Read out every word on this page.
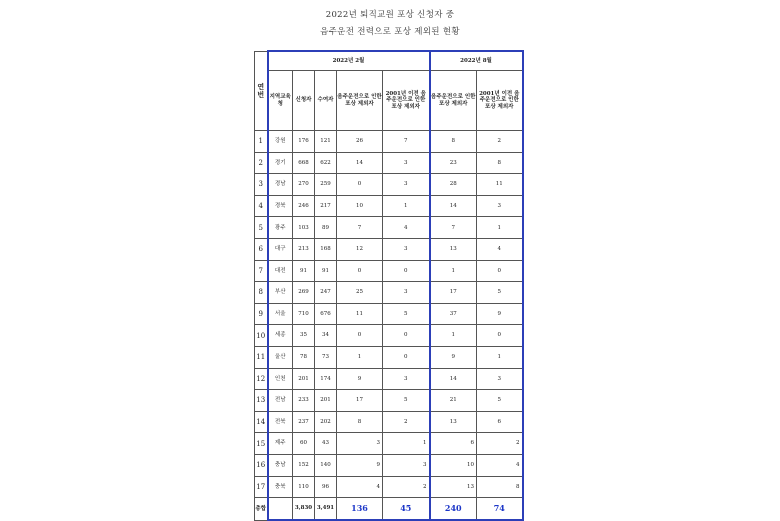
2022년 퇴직교원 포상 신청자 중
음주운전 전력으로 포상 제외된 현황
연번	2022년 2월					2022년 8월	
	지역교육청	신청자	수여자	음주운전으로 인한 포상 제외자	2001년 이전 음주운전으로 인한 포상 제외자	음주운전으로 인한 포상 제외자	2001년 이전 음주운전으로 인한 포상 제외자
1	강원	176	121	26	7	8	2
2	경기	668	622	14	3	23	8
3	경남	270	259	0	3	28	11
4	경북	246	217	10	1	14	3
5	광주	103	89	7	4	7	1
6	대구	213	168	12	3	13	4
7	대전	91	91	0	0	1	0
8	부산	269	247	25	3	17	5
9	서울	710	676	11	5	37	9
10	세종	35	34	0	0	1	0
11	울산	78	73	1	0	9	1
12	인천	201	174	9	3	14	3
13	전남	233	201	17	5	21	5
14	전북	237	202	8	2	13	6
15	제주	60	43	3	1	6	2
16	충남	152	140	9	3	10	4
17	충북	110	96	4	2	13	8
총합		3,830	3,491	136	45	240	74
